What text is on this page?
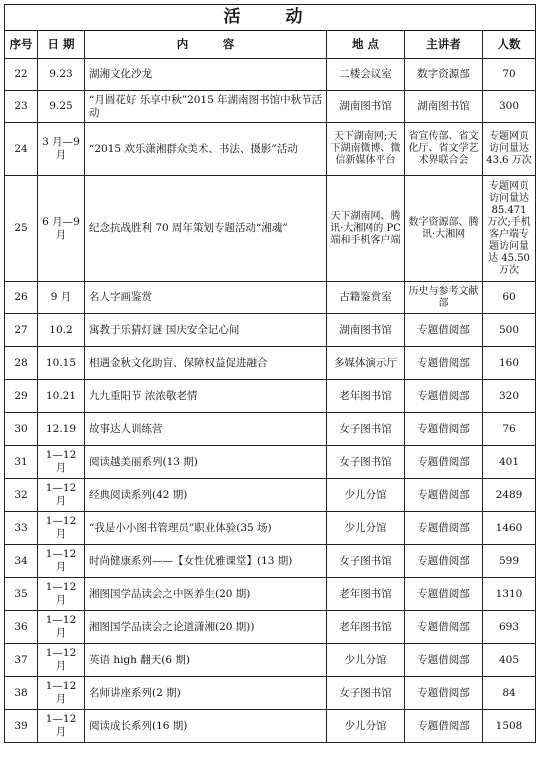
活　动					
序号	日 期	内　　　容	地 点	主讲者	人数
22	9.23	湖湘文化沙龙	二楼会议室	数字资源部	70
23	9.25	“月圆花好 乐享中秋”2015 年湖南图书馆中秋节活动	湖南图书馆	湖南图书馆	300
24	3 月—9 月	“2015 欢乐潇湘群众美术、书法、摄影”活动	天下湖南网;天下湖南微博、微信新媒体平台	省宣传部、省文化厅、省文学艺术界联合会	专题网页访问量达 43.6 万次
25	6 月—9 月	纪念抗战胜利 70 周年策划专题活动“湘魂”	天下湖南网、腾讯·大湘网的 PC 端和手机客户端	数字资源部、腾讯·大湘网	专题网页访问量达 85.471 万次;手机客户端专题访问量达 45.50 万次
26	9 月	名人字画鉴赏	古籍鉴赏室	历史与参考文献部	60
27	10.2	寓教于乐猜灯谜 国庆安全记心间	湖南图书馆	专题借阅部	500
28	10.15	相遇金秋文化助盲、保障权益促进融合	多媒体演示厅	专题借阅部	160
29	10.21	九九重阳节 浓浓敬老情	老年图书馆	专题借阅部	320
30	12.19	故事达人训练营	女子图书馆	专题借阅部	76
31	1—12 月	阅读越美丽系列(13 期)	女子图书馆	专题借阅部	401
32	1—12 月	经典阅读系列(42 期)	少儿分馆	专题借阅部	2489
33	1—12 月	“我是小小图书管理员”职业体验(35 场)	少儿分馆	专题借阅部	1460
34	1—12 月	时尚健康系列——【女性优雅课堂】(13 期)	女子图书馆	专题借阅部	599
35	1—12 月	湘图国学品读会之中医养生(20 期)	老年图书馆	专题借阅部	1310
36	1—12 月	湘图国学品读会之论道潇湘(20 期))	老年图书馆	专题借阅部	693
37	1—12 月	英语 high 翻天(6 期)	少儿分馆	专题借阅部	405
38	1—12 月	名师讲座系列(2 期)	女子图书馆	专题借阅部	84
39	1—12 月	阅读成长系列(16 期)	少儿分馆	专题借阅部	1508
